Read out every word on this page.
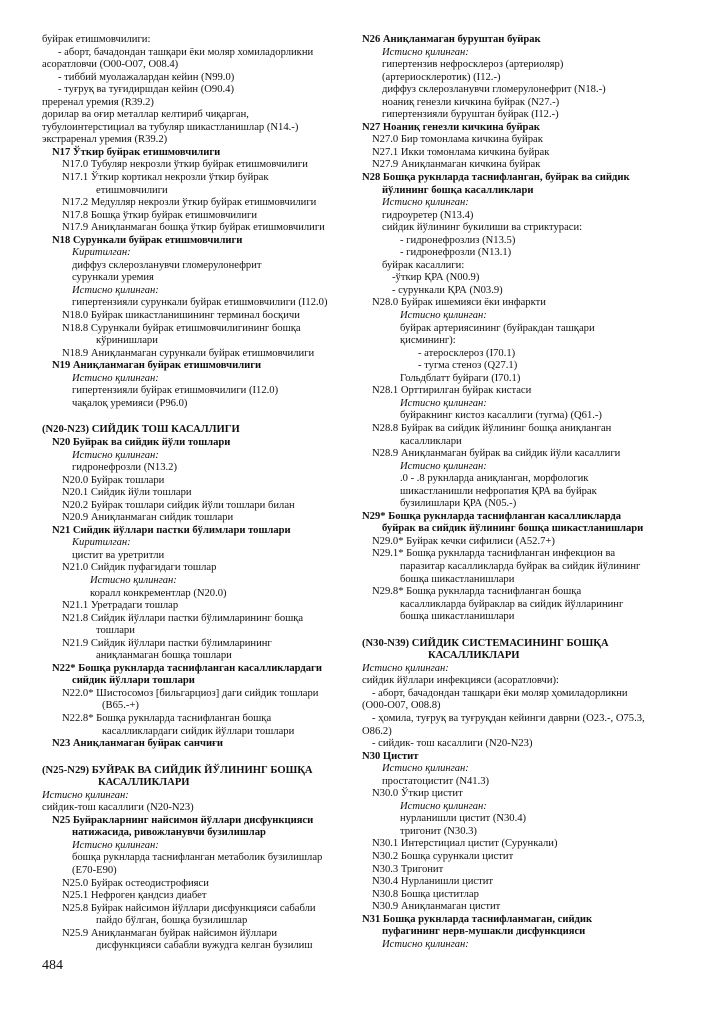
буйрак етишмовчилиги:
- аборт, бачадондан ташқари ёки моляр хомиладорликни
асоратловчи (O00-O07, O08.4)
- тиббий муолажалардан кейин (N99.0)
- туғруқ ва туғидиршдан кейин (O90.4)
преренал уремия (R39.2)
дорилар ва оғир металлар келтириб чиқарган,
тубулоинтерстициал ва тубуляр шикастланишлар (N14.-)
экстраренал уремия (R39.2)
N17 Ўткир буйрак етишмовчилиги
N17.0 Тубуляр некрозли ўткир буйрак етишмовчилиги
N17.1 Ўткир кортикал некрозли ўткир буйрак
етишмовчилиги
N17.2 Медулляр некрозли ўткир буйрак етишмовчилиги
N17.8 Бошқа ўткир буйрак етишмовчилиги
N17.9 Аниқланмаган бошқа ўткир буйрак етишмовчилиги
N18 Сурункали буйрак етишмовчилиги
Киритилган:
диффуз склерозланувчи гломерулонефрит
сурункали уремия
Истисно қилинган:
гипертензияли сурункали буйрак етишмовчилиги (I12.0)
N18.0 Буйрак шикастланишининг терминал босқичи
N18.8 Сурункали буйрак етишмовчилигининг бошқа
кўринишлари
N18.9 Аниқланмаган сурункали буйрак етишмовчилиги
N19 Аниқланмаган буйрак етишмовчилиги
Истисно қилинган:
гипертензияли буйрак етишмовчилиги (I12.0)
чақалоқ уремияси (P96.0)
(N20-N23) СИЙДИК ТОШ КАСАЛЛИГИ
N20 Буйрак ва сийдик йўли тошлари
Истисно қилинган:
гидронефрозли (N13.2)
N20.0 Буйрак тошлари
N20.1 Сийдик йўли тошлари
N20.2 Буйрак тошлари сийдик йўли тошлари билан
N20.9 Аниқланмаган сийдик тошлари
N21 Сийдик йўллари пастки бўлимлари тошлари
Киритилган:
цистит ва уретритли
N21.0 Сийдик пуфагидаги тошлар
Истисно қилинган:
коралл конкрементлар (N20.0)
N21.1 Уретрадаги тошлар
N21.8 Сийдик йўллари пастки бўлимларининг бошқа
тошлари
N21.9 Сийдик йўллари пастки бўлимларининг
аниқланмаган бошқа тошлари
N22* Бошқа рукнларда таснифланган касалликлардаги
сийдик йўллари тошлари
N22.0* Шистосомоз [бильгарциоз] даги сийдик тошлари
(B65.-+)
N22.8* Бошқа рукнларда таснифланган бошқа
касалликлардаги сийдик йўллари тошлари
N23 Аниқланмаган буйрак санчиғи
(N25-N29) БУЙРАК ВА СИЙДИК ЙЎЛИНИНГ БОШҚА
КАСАЛЛИКЛАРИ
Истисно қилинган:
сийдик-тош касаллиги (N20-N23)
N25 Буйракларнинг найсимон йўллари дисфункцияси
натижасида, ривожланувчи бузилишлар
Истисно қилинган:
бошқа рукнларда таснифланган метаболик бузилишлар
(E70-E90)
N25.0 Буйрак остеодистрофияси
N25.1 Нефроген қандсиз диабет
N25.8 Буйрак найсимон йўллари дисфункцияси сабабли
пайдо бўлган, бошқа бузилишлар
N25.9 Аниқланмаган буйрак найсимон йўллари
дисфункцияси сабабли вужудга келган бузилиш
N26 Аниқланмаган буруштан буйрак
Истисно қилинган:
гипертензив нефросклероз (артериоляр)
(артериосклеротик) (I12.-)
диффуз склерозланувчи гломерулонефрит (N18.-)
ноаниқ генезли кичкина буйрак (N27.-)
гипертензияли буруштан буйрак (I12.-)
N27 Ноаниқ генезли кичкина буйрак
N27.0 Бир томонлама кичкина буйрак
N27.1 Икки томонлама кичкина буйрак
N27.9 Аниқланмаган кичкина буйрак
N28 Бошқа рукнларда таснифланган, буйрак ва сийдик
йўлининг бошқа касалликлари
Истисно қилинган:
гидроуретер (N13.4)
сийдик йўлининг букилиши ва стриктураси:
- гидронефрозлиз (N13.5)
- гидронефрозли (N13.1)
буйрак касаллиги:
-ўткир ҚРА (N00.9)
- сурункали ҚРА (N03.9)
N28.0 Буйрак ишемияси ёки инфаркти
Истисно қилинган:
буйрак артериясининг (буйракдан ташқари
қисмининг):
- атеросклероз (I70.1)
- тугма стеноз (Q27.1)
Гольдблатт буйраги (I70.1)
N28.1 Орттирилган буйрак кистаси
Истисно қилинган:
буйракнинг кистоз касаллиги (тугма) (Q61.-)
N28.8 Буйрак ва сийдик йўлининг бошқа аниқланган
касалликлари
N28.9 Аниқланмаган буйрак ва сийдик йўли касаллиги
Истисно қилинган:
.0 - .8 рукнларда аниқланган, морфологик
шикастланишли нефропатия ҚРА ва буйрак
бузилишлари ҚРА (N05.-)
N29* Бошқа рукнларда таснифланган касалликларда
буйрак ва сийдик йўлининг бошқа шикастланишлари
N29.0* Буйрак кечки сифилиси (A52.7+)
N29.1* Бошқа рукнларда таснифланган инфекцион ва
паразитар касалликларда буйрак ва сийдик йўлининг
бошқа шикастланишлари
N29.8* Бошқа рукнларда таснифланган бошқа
касалликларда буйраклар ва сийдик йўлларининг
бошқа шикастланишлари
(N30-N39) СИЙДИК СИСТЕМАСИНИНГ БОШҚА
КАСАЛЛИКЛАРИ
Истисно қилинган:
сийдик йўллари инфекцияси (асоратловчи):
- аборт, бачадондан ташқари ёки моляр ҳомиладорликни
(O00-O07, O08.8)
- ҳомила, туғруқ ва туғруқдан кейинги даврни (O23.-, O75.3,
O86.2)
- сийдик- тош касаллиги (N20-N23)
N30 Цистит
Истисно қилинган:
простатоцистит (N41.3)
N30.0 Ўткир цистит
Истисно қилинган:
нурланишли цистит (N30.4)
тригонит (N30.3)
N30.1 Интерстициал цистит (Сурункали)
N30.2 Бошқа сурункали цистит
N30.3 Тригонит
N30.4 Нурланишли цистит
N30.8 Бошқа циститлар
N30.9 Аниқланмаган цистит
N31 Бошқа рукнларда таснифланмаган, сийдик
пуфагининг нерв-мушакли дисфункцияси
Истисно қилинган:
484
